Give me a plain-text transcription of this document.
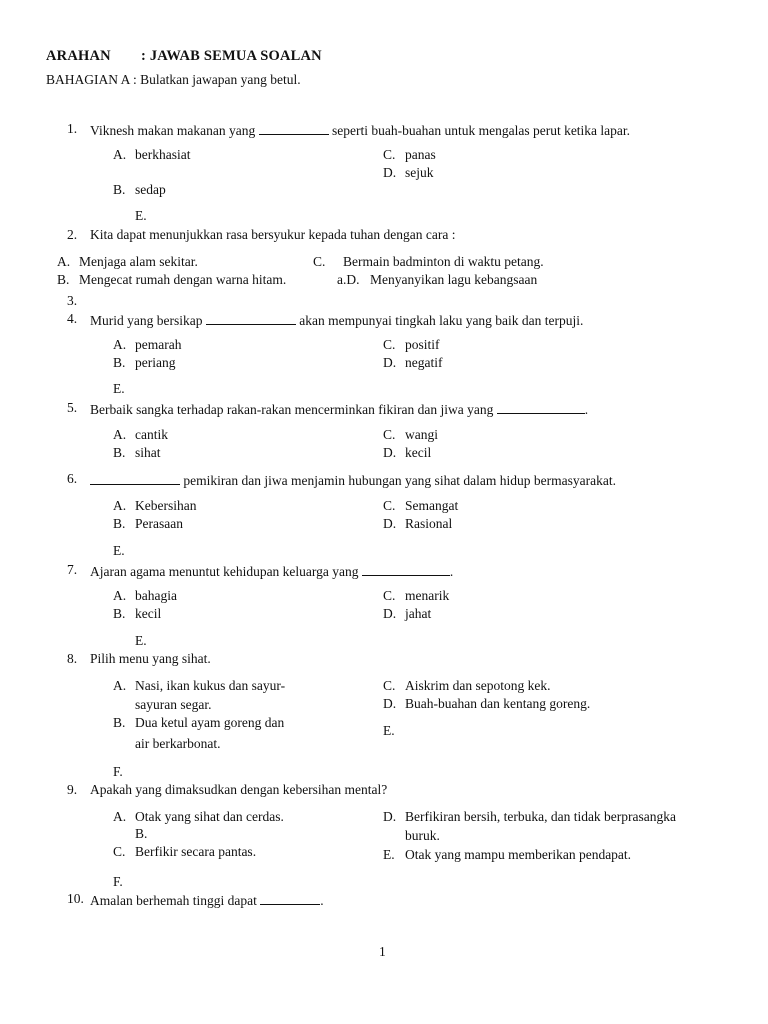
ARAHAN : JAWAB SEMUA SOALAN
BAHAGIAN A : Bulatkan jawapan yang betul.
1. Viknesh makan makanan yang	seperti buah-buahan untuk mengalas perut ketika lapar.
A. berkhasiat	C. panas
D. sejuk
B. sedap
E.
2. Kita dapat menunjukkan rasa bersyukur kepada tuhan dengan cara :
A. Menjaga alam sekitar.	C. Bermain badminton di waktu petang.
B. Mengecat rumah dengan warna hitam.	a.D. Menyanyikan lagu kebangsaan
3.
4. Murid yang bersikap	akan mempunyai tingkah laku yang baik dan terpuji.
A. pemarah	C. positif
B. periang	D. negatif
E.
5. Berbaik sangka terhadap rakan-rakan mencerminkan fikiran dan jiwa yang	.
A. cantik	C. wangi
B. sihat	D. kecil
6.	pemikiran dan jiwa menjamin hubungan yang sihat dalam hidup bermasyarakat.
A. Kebersihan	C. Semangat
B. Perasaan	D. Rasional
E.
7. Ajaran agama menuntut kehidupan keluarga yang	.
A. bahagia	C. menarik
B. kecil	D. jahat
E.
8. Pilih menu yang sihat.
A. Nasi, ikan kukus dan sayur-
sayuran segar.
C. Aiskrim dan sepotong kek.
D. Buah-buahan dan kentang goreng.
B. Dua ketul ayam goreng dan
air berkarbonat.
E.
F.
9. Apakah yang dimaksudkan dengan kebersihan mental?
A. Otak yang sihat dan cerdas.
B.
C. Berfikir secara pantas.
D. Berfikiran bersih, terbuka, dan tidak berprasangka
buruk.
E. Otak yang mampu memberikan pendapat.
F.
10. Amalan berhemah tinggi dapat	.
1
